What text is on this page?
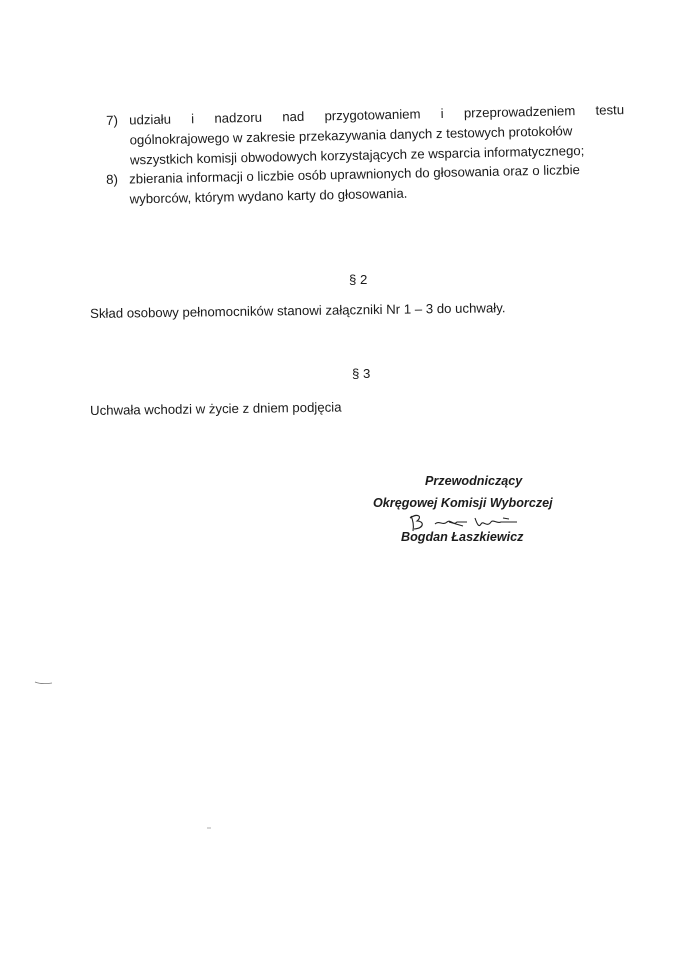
7) udziału i nadzoru nad przygotowaniem i przeprowadzeniem testu
ogólnokrajowego w zakresie przekazywania danych z testowych protokołów
wszystkich komisji obwodowych korzystających ze wsparcia informatycznego;
8) zbierania informacji o liczbie osób uprawnionych do głosowania oraz o liczbie
wyborców, którym wydano karty do głosowania.
§ 2
Skład osobowy pełnomocników stanowi załączniki Nr 1 – 3 do uchwały.
§ 3
Uchwała wchodzi w życie z dniem podjęcia
Przewodniczący
Okręgowej Komisji Wyborczej
Bogdan Łaszkiewicz
